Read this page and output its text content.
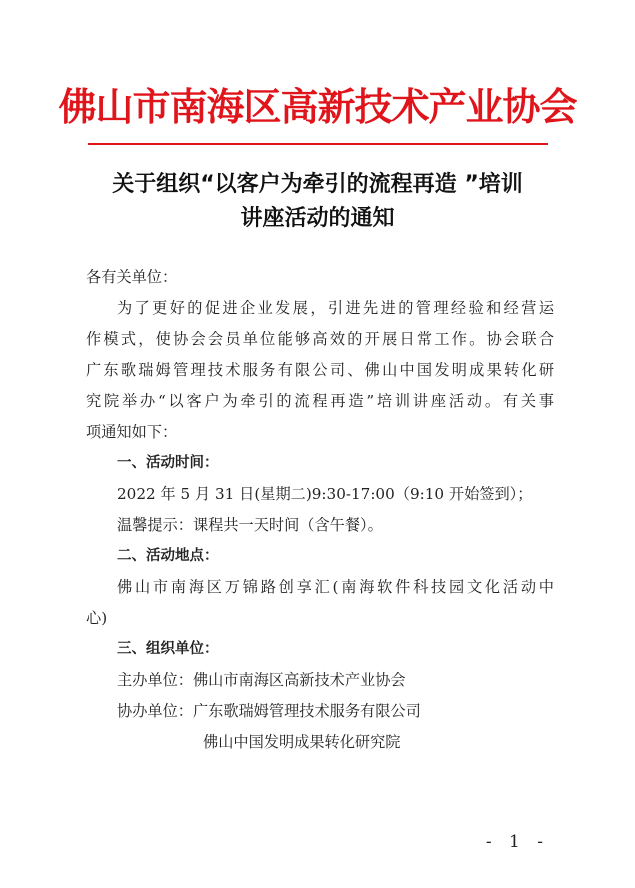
佛山市南海区高新技术产业协会
关于组织“以客户为牵引的流程再造 ”培训
讲座活动的通知
各有关单位：
为了更好的促进企业发展，引进先进的管理经验和经营运
作模式，使协会会员单位能够高效的开展日常工作。协会联合
广东歌瑞姆管理技术服务有限公司、佛山中国发明成果转化研
究院举办“以客户为牵引的流程再造”培训讲座活动。有关事
项通知如下：
一、活动时间：
2022 年 5 月 31 日(星期二)9:30-17:00（9:10 开始签到）；
温馨提示：课程共一天时间（含午餐）。
二、活动地点：
佛山市南海区万锦路创享汇(南海软件科技园文化活动中
心)
三、组织单位：
主办单位：佛山市南海区高新技术产业协会
协办单位：广东歌瑞姆管理技术服务有限公司
佛山中国发明成果转化研究院
- 1 -
